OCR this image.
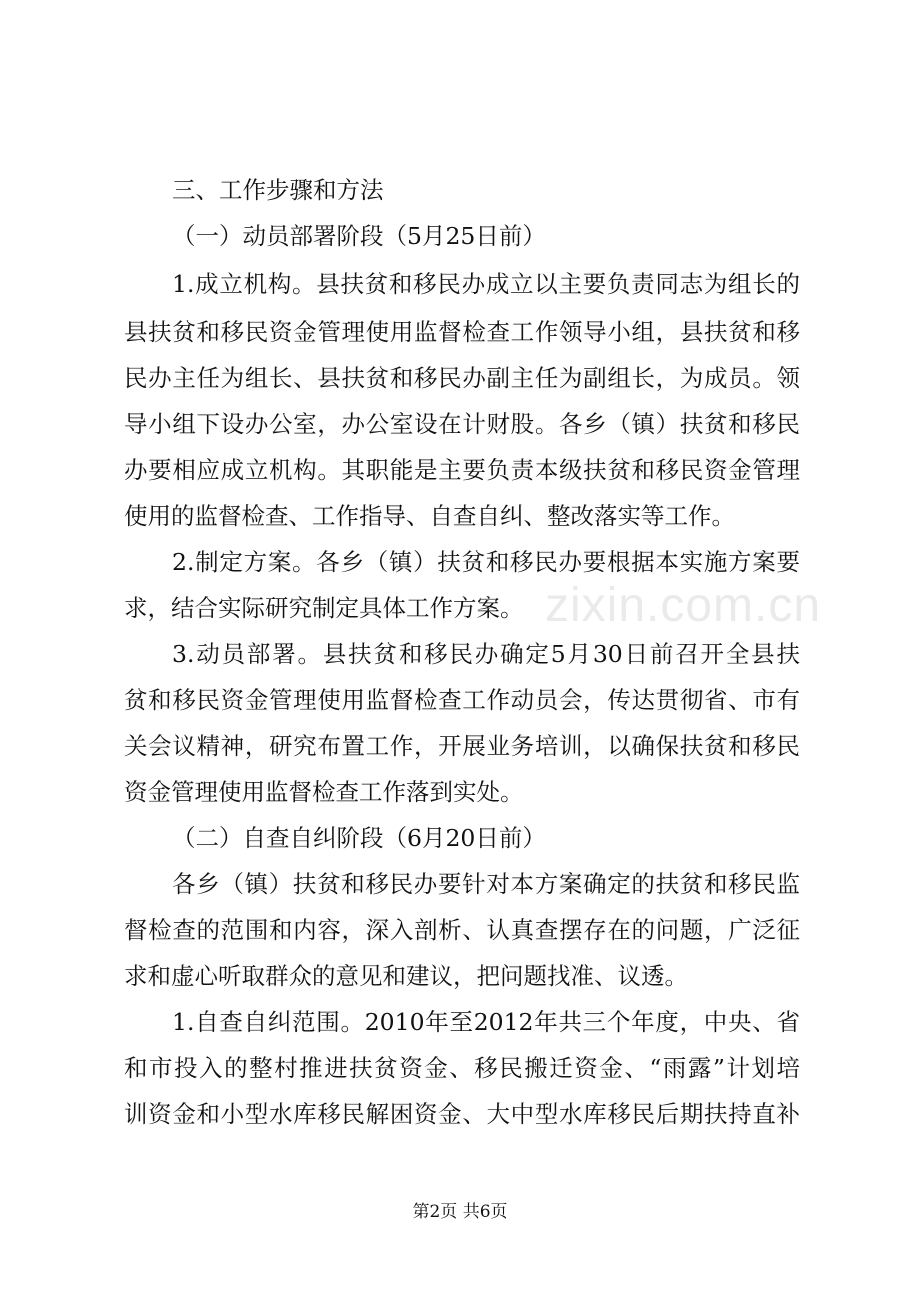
三、工作步骤和方法
（一）动员部署阶段（5月25日前）
1.成立机构。县扶贫和移民办成立以主要负责同志为组长的
县扶贫和移民资金管理使用监督检查工作领导小组，县扶贫和移
民办主任为组长、县扶贫和移民办副主任为副组长，为成员。领
导小组下设办公室，办公室设在计财股。各乡（镇）扶贫和移民
办要相应成立机构。其职能是主要负责本级扶贫和移民资金管理
使用的监督检查、工作指导、自查自纠、整改落实等工作。
2.制定方案。各乡（镇）扶贫和移民办要根据本实施方案要
求，结合实际研究制定具体工作方案。
3.动员部署。县扶贫和移民办确定5月30日前召开全县扶
贫和移民资金管理使用监督检查工作动员会，传达贯彻省、市有
关会议精神，研究布置工作，开展业务培训，以确保扶贫和移民
资金管理使用监督检查工作落到实处。
（二）自查自纠阶段（6月20日前）
各乡（镇）扶贫和移民办要针对本方案确定的扶贫和移民监
督检查的范围和内容，深入剖析、认真查摆存在的问题，广泛征
求和虚心听取群众的意见和建议，把问题找准、议透。
1.自查自纠范围。2010年至2012年共三个年度，中央、省
和市投入的整村推进扶贫资金、移民搬迁资金、“雨露”计划培
训资金和小型水库移民解困资金、大中型水库移民后期扶持直补
zixin.com.cn
第2页 共6页
